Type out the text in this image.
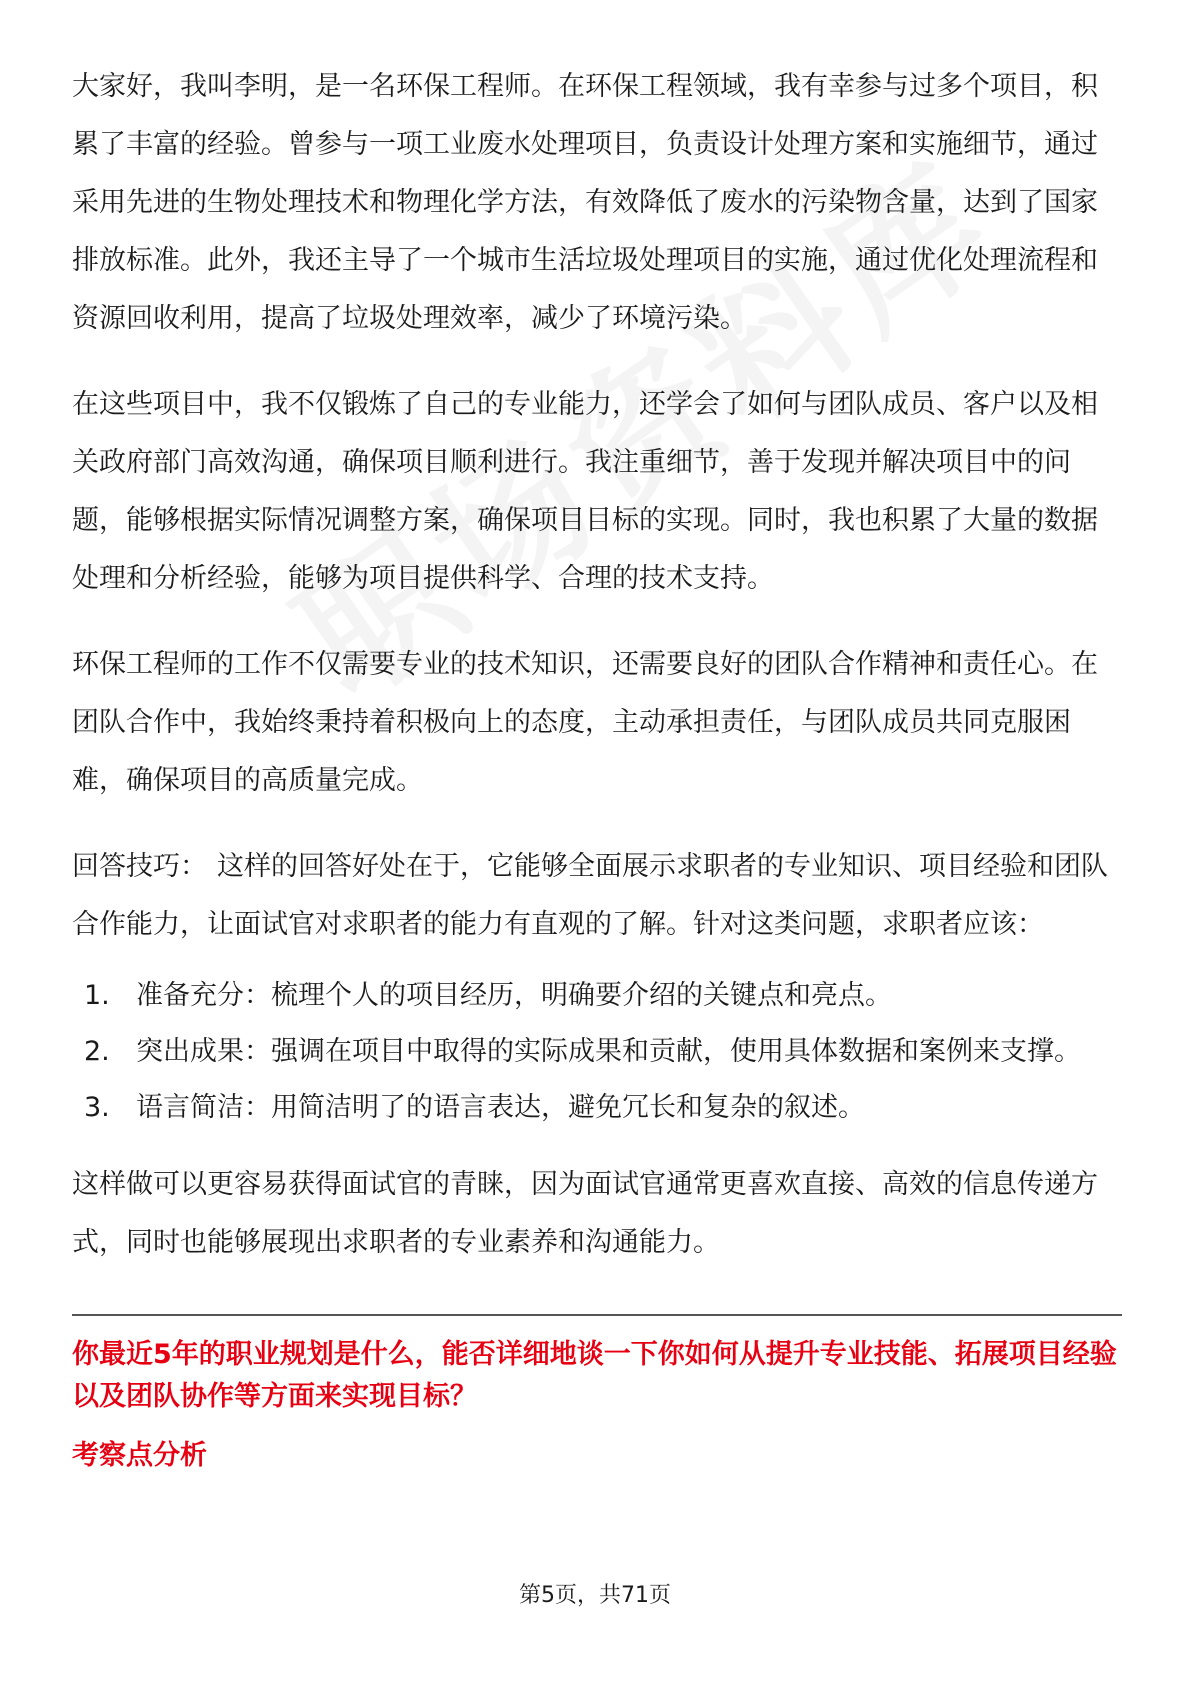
大家好，我叫李明，是一名环保工程师。在环保工程领域，我有幸参与过多个项目，积累了丰富的经验。曾参与一项工业废水处理项目，负责设计处理方案和实施细节，通过采用先进的生物处理技术和物理化学方法，有效降低了废水的污染物含量，达到了国家排放标准。此外，我还主导了一个城市生活垃圾处理项目的实施，通过优化处理流程和资源回收利用，提高了垃圾处理效率，减少了环境污染。

在这些项目中，我不仅锻炼了自己的专业能力，还学会了如何与团队成员、客户以及相关政府部门高效沟通，确保项目顺利进行。我注重细节，善于发现并解决项目中的问题，能够根据实际情况调整方案，确保项目目标的实现。同时，我也积累了大量的数据处理和分析经验，能够为项目提供科学、合理的技术支持。

环保工程师的工作不仅需要专业的技术知识，还需要良好的团队合作精神和责任心。在团队合作中，我始终秉持着积极向上的态度，主动承担责任，与团队成员共同克服困难，确保项目的高质量完成。

回答技巧： 这样的回答好处在于，它能够全面展示求职者的专业知识、项目经验和团队合作能力，让面试官对求职者的能力有直观的了解。针对这类问题，求职者应该：

1. 准备充分：梳理个人的项目经历，明确要介绍的关键点和亮点。
2. 突出成果：强调在项目中取得的实际成果和贡献，使用具体数据和案例来支撑。
3. 语言简洁：用简洁明了的语言表达，避免冗长和复杂的叙述。

这样做可以更容易获得面试官的青睐，因为面试官通常更喜欢直接、高效的信息传递方式，同时也能够展现出求职者的专业素养和沟通能力。

你最近5年的职业规划是什么，能否详细地谈一下你如何从提升专业技能、拓展项目经验以及团队协作等方面来实现目标？
考察点分析
第5页，共71页
